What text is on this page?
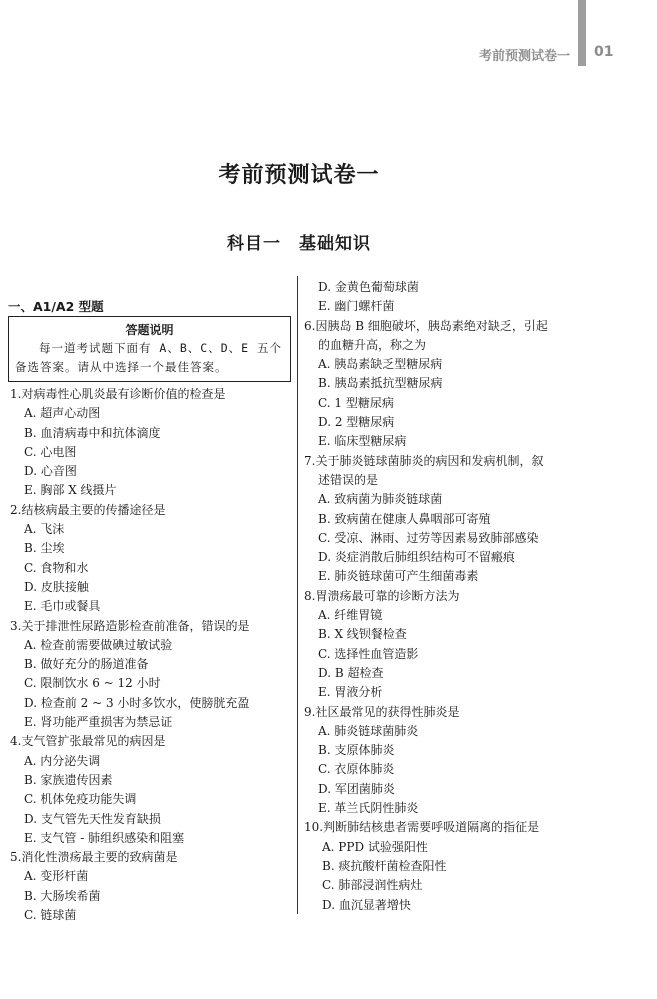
考前预测试卷一 01
考前预测试卷一
科目一　基础知识
一、A1/A2 型题
答题说明
每一道考试题下面有 A、B、C、D、E 五个备选答案。请从中选择一个最佳答案。
1. 对病毒性心肌炎最有诊断价值的检查是
A. 超声心动图
B. 血清病毒中和抗体滴度
C. 心电图
D. 心音图
E. 胸部 X 线摄片
2. 结核病最主要的传播途径是
A. 飞沫
B. 尘埃
C. 食物和水
D. 皮肤接触
E. 毛巾或餐具
3. 关于排泄性尿路造影检查前准备，错误的是
A. 检查前需要做碘过敏试验
B. 做好充分的肠道准备
C. 限制饮水 6 ~ 12 小时
D. 检查前 2 ~ 3 小时多饮水，使膀胱充盈
E. 肾功能严重损害为禁忌证
4. 支气管扩张最常见的病因是
A. 内分泌失调
B. 家族遗传因素
C. 机体免疫功能失调
D. 支气管先天性发育缺损
E. 支气管 - 肺组织感染和阻塞
5. 消化性溃疡最主要的致病菌是
A. 变形杆菌
B. 大肠埃希菌
C. 链球菌
D. 金黄色葡萄球菌
E. 幽门螺杆菌
6. 因胰岛 B 细胞破坏，胰岛素绝对缺乏，引起
的血糖升高，称之为
A. 胰岛素缺乏型糖尿病
B. 胰岛素抵抗型糖尿病
C. 1 型糖尿病
D. 2 型糖尿病
E. 临床型糖尿病
7. 关于肺炎链球菌肺炎的病因和发病机制，叙
述错误的是
A. 致病菌为肺炎链球菌
B. 致病菌在健康人鼻咽部可寄殖
C. 受凉、淋雨、过劳等因素易致肺部感染
D. 炎症消散后肺组织结构可不留瘢痕
E. 肺炎链球菌可产生细菌毒素
8. 胃溃疡最可靠的诊断方法为
A. 纤维胃镜
B. X 线钡餐检查
C. 选择性血管造影
D. B 超检查
E. 胃液分析
9. 社区最常见的获得性肺炎是
A. 肺炎链球菌肺炎
B. 支原体肺炎
C. 衣原体肺炎
D. 军团菌肺炎
E. 革兰氏阴性肺炎
10. 判断肺结核患者需要呼吸道隔离的指征是
A. PPD 试验强阳性
B. 痰抗酸杆菌检查阳性
C. 肺部浸润性病灶
D. 血沉显著增快
